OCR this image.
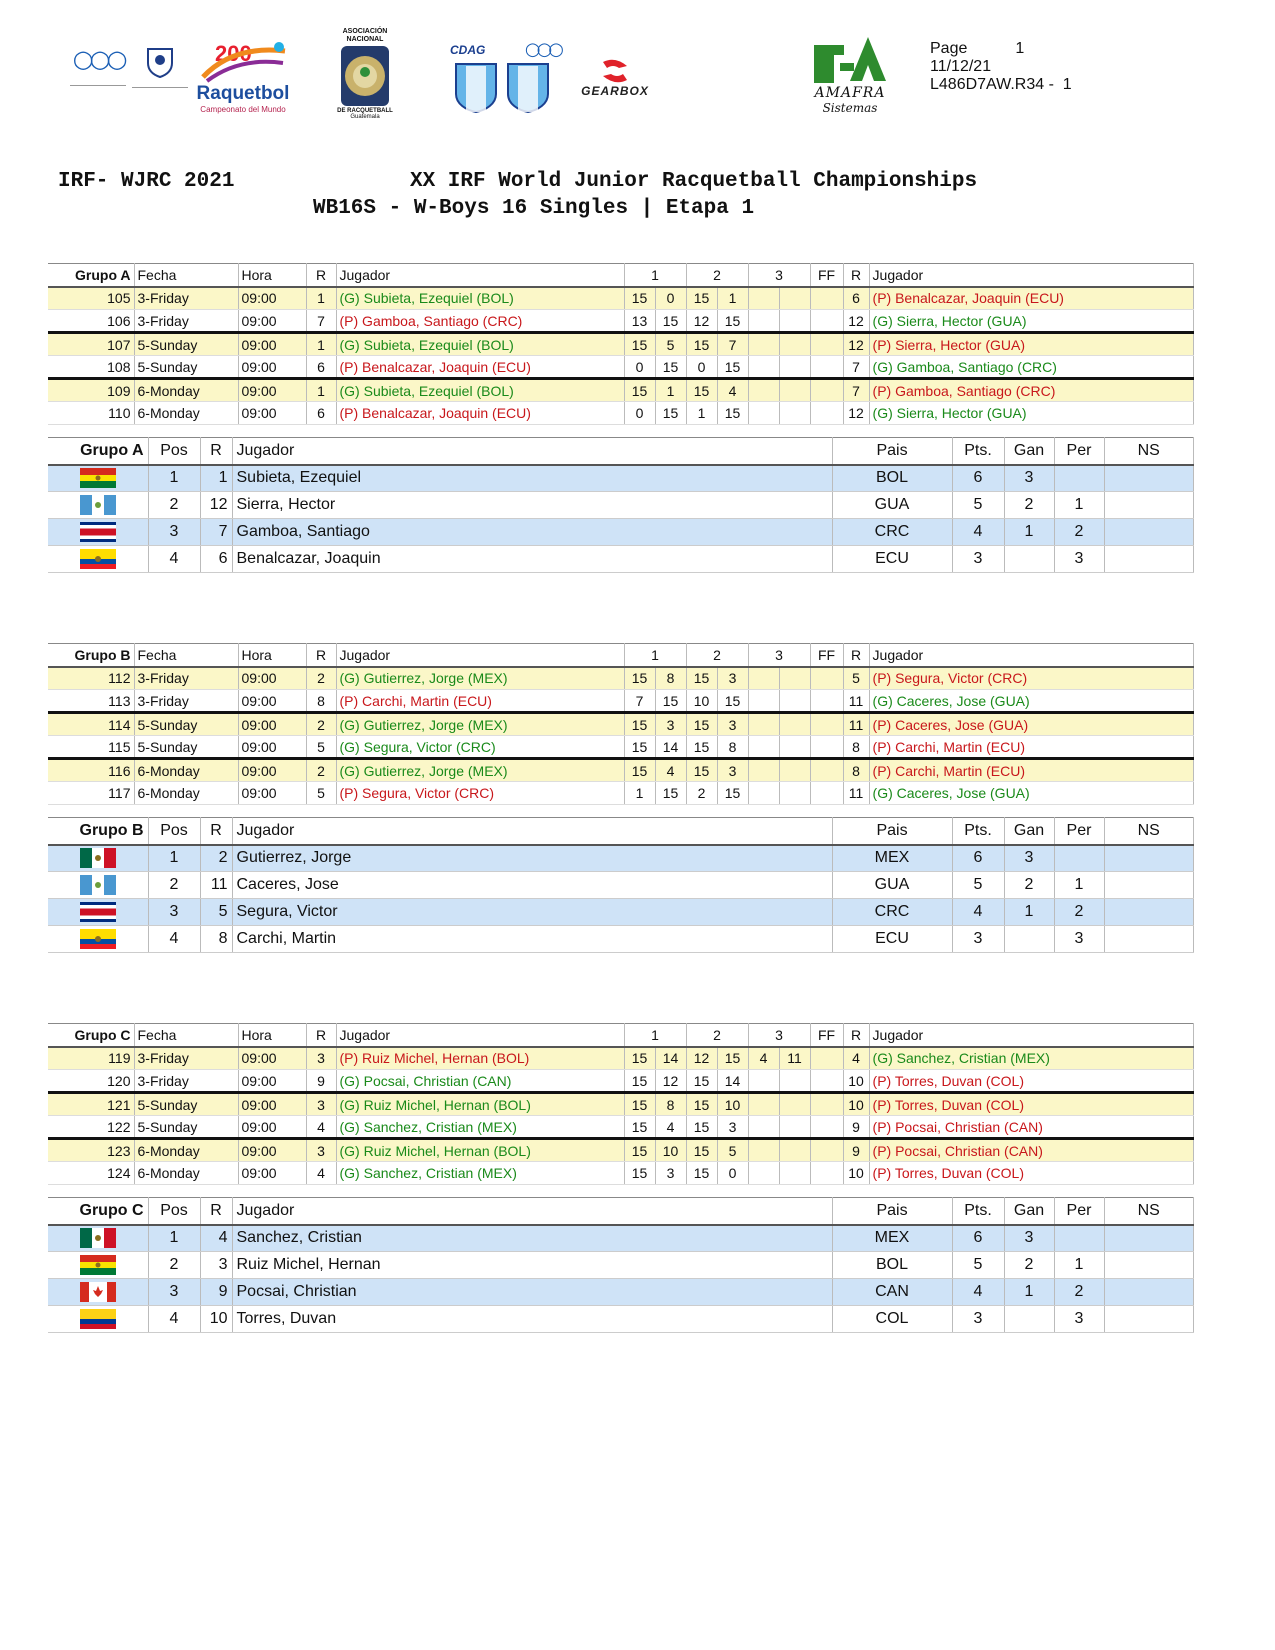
○○○	200
Raquetbol
Campeonato del Mundo
ASOCIACIÓN NACIONAL
DE RACQUETBALL
Guatemala
CDAG ○○○
GEARBOX	AMAFRA
Sistemas
Page	1
11/12/21
L486D7AW.R34 -  1
IRF- WJRC 2021	XX IRF World Junior Racquetball Championships
WB16S - W-Boys 16 Singles | Etapa 1
Grupo A	Fecha	Hora	R	Jugador	1		2		3		FF	R	Jugador
105	3-Friday	09:00	1	(G) Subieta, Ezequiel (BOL)	15	0	15	1				6	(P) Benalcazar, Joaquin (ECU)
106	3-Friday	09:00	7	(P) Gamboa, Santiago (CRC)	13	15	12	15				12	(G) Sierra, Hector (GUA)
107	5-Sunday	09:00	1	(G) Subieta, Ezequiel (BOL)	15	5	15	7				12	(P) Sierra, Hector (GUA)
108	5-Sunday	09:00	6	(P) Benalcazar, Joaquin (ECU)	0	15	0	15				7	(G) Gamboa, Santiago (CRC)
109	6-Monday	09:00	1	(G) Subieta, Ezequiel (BOL)	15	1	15	4				7	(P) Gamboa, Santiago (CRC)
110	6-Monday	09:00	6	(P) Benalcazar, Joaquin (ECU)	0	15	1	15				12	(G) Sierra, Hector (GUA)
Grupo A	Pos	R	Jugador	Pais	Pts.	Gan	Per	NS

	1	1	Subieta, Ezequiel	BOL	6	3		

	2	12	Sierra, Hector	GUA	5	2	1	

	3	7	Gamboa, Santiago	CRC	4	1	2	

	4	6	Benalcazar, Joaquin	ECU	3		3	
Grupo B	Fecha	Hora	R	Jugador	1		2		3		FF	R	Jugador
112	3-Friday	09:00	2	(G) Gutierrez, Jorge (MEX)	15	8	15	3				5	(P) Segura, Victor (CRC)
113	3-Friday	09:00	8	(P) Carchi, Martin (ECU)	7	15	10	15				11	(G) Caceres, Jose (GUA)
114	5-Sunday	09:00	2	(G) Gutierrez, Jorge (MEX)	15	3	15	3				11	(P) Caceres, Jose (GUA)
115	5-Sunday	09:00	5	(G) Segura, Victor (CRC)	15	14	15	8				8	(P) Carchi, Martin (ECU)
116	6-Monday	09:00	2	(G) Gutierrez, Jorge (MEX)	15	4	15	3				8	(P) Carchi, Martin (ECU)
117	6-Monday	09:00	5	(P) Segura, Victor (CRC)	1	15	2	15				11	(G) Caceres, Jose (GUA)
Grupo B	Pos	R	Jugador	Pais	Pts.	Gan	Per	NS

	1	2	Gutierrez, Jorge	MEX	6	3		

	2	11	Caceres, Jose	GUA	5	2	1	

	3	5	Segura, Victor	CRC	4	1	2	

	4	8	Carchi, Martin	ECU	3		3	
Grupo C	Fecha	Hora	R	Jugador	1		2		3		FF	R	Jugador
119	3-Friday	09:00	3	(P) Ruiz Michel, Hernan (BOL)	15	14	12	15	4	11		4	(G) Sanchez, Cristian (MEX)
120	3-Friday	09:00	9	(G) Pocsai, Christian (CAN)	15	12	15	14				10	(P) Torres, Duvan (COL)
121	5-Sunday	09:00	3	(G) Ruiz Michel, Hernan (BOL)	15	8	15	10				10	(P) Torres, Duvan (COL)
122	5-Sunday	09:00	4	(G) Sanchez, Cristian (MEX)	15	4	15	3				9	(P) Pocsai, Christian (CAN)
123	6-Monday	09:00	3	(G) Ruiz Michel, Hernan (BOL)	15	10	15	5				9	(P) Pocsai, Christian (CAN)
124	6-Monday	09:00	4	(G) Sanchez, Cristian (MEX)	15	3	15	0				10	(P) Torres, Duvan (COL)
Grupo C	Pos	R	Jugador	Pais	Pts.	Gan	Per	NS

	1	4	Sanchez, Cristian	MEX	6	3		

	2	3	Ruiz Michel, Hernan	BOL	5	2	1	

	3	9	Pocsai, Christian	CAN	4	1	2	

	4	10	Torres, Duvan	COL	3		3	
